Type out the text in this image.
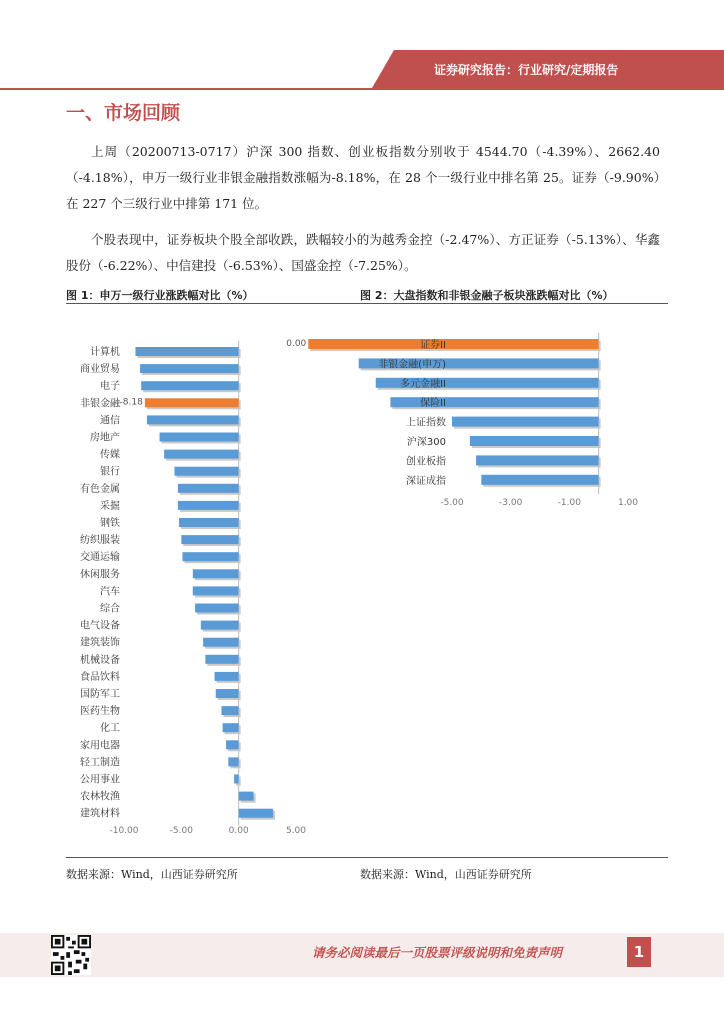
证券研究报告：行业研究/定期报告
一、市场回顾

上周（20200713-0717）沪深 300 指数、创业板指数分别收于 4544.70（-4.39%）、2662.40（-4.18%），申万一级行业非银金融指数涨幅为-8.18%，在 28 个一级行业中排名第 25。证券（-9.90%）在 227 个三级行业中排第 171 位。

个股表现中，证券板块个股全部收跌，跌幅较小的为越秀金控（-2.47%）、方正证券（-5.13%）、华鑫股份（-6.22%）、中信建投（-6.53%）、国盛金控（-7.25%）。

图 1：申万一级行业涨跌幅对比（%）	图 2：大盘指数和非银金融子板块涨跌幅对比（%）
计算机
商业贸易
电子
非银金融 -8.18
通信
房地产
传媒
银行
有色金属
采掘
钢铁
纺织服装
交通运输
休闲服务
汽车
综合
电气设备
建筑装饰
机械设备
食品饮料
国防军工
医药生物
化工
家用电器
轻工制造
公用事业
农林牧渔
建筑材料
-10.00	-5.00	0.00	5.00
证券II
0.00
非银金融(申万)
多元金融II
保险II
上证指数
沪深300
创业板指
深证成指
-5.00	-3.00	-1.00	1.00
数据来源：Wind，山西证券研究所	数据来源：Wind，山西证券研究所
请务必阅读最后一页股票评级说明和免责声明	1
